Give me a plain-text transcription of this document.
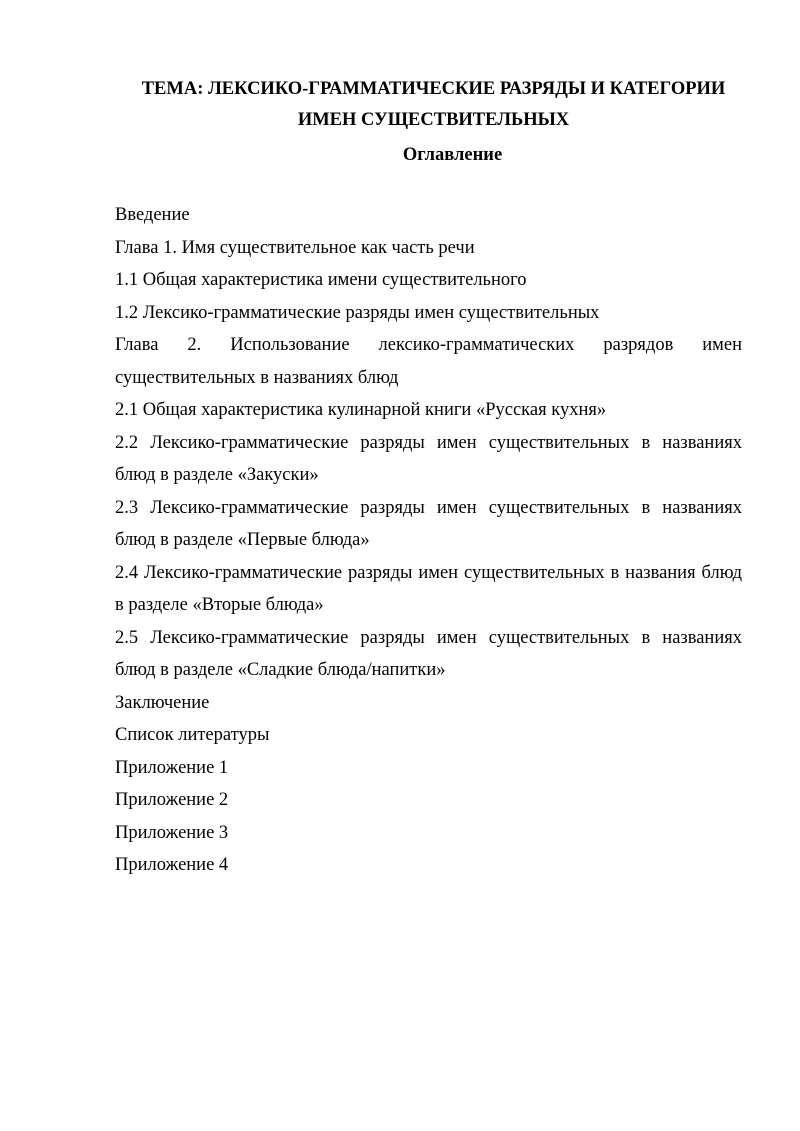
ТЕМА: ЛЕКСИКО-ГРАММАТИЧЕСКИЕ РАЗРЯДЫ И КАТЕГОРИИ
ИМЕН СУЩЕСТВИТЕЛЬНЫХ
Оглавление
Введение
Глава 1. Имя существительное как часть речи
1.1 Общая характеристика имени существительного
1.2 Лексико-грамматические разряды имен существительных
Глава 2. Использование лексико-грамматических разрядов имен
существительных в названиях блюд
2.1 Общая характеристика кулинарной книги «Русская кухня»
2.2 Лексико-грамматические разряды имен существительных в названиях
блюд в разделе «Закуски»
2.3 Лексико-грамматические разряды имен существительных в названиях
блюд в разделе «Первые блюда»
2.4 Лексико-грамматические разряды имен существительных в названия блюд
в разделе «Вторые блюда»
2.5 Лексико-грамматические разряды имен существительных в названиях
блюд в разделе «Сладкие блюда/напитки»
Заключение
Список литературы
Приложение 1
Приложение 2
Приложение 3
Приложение 4
